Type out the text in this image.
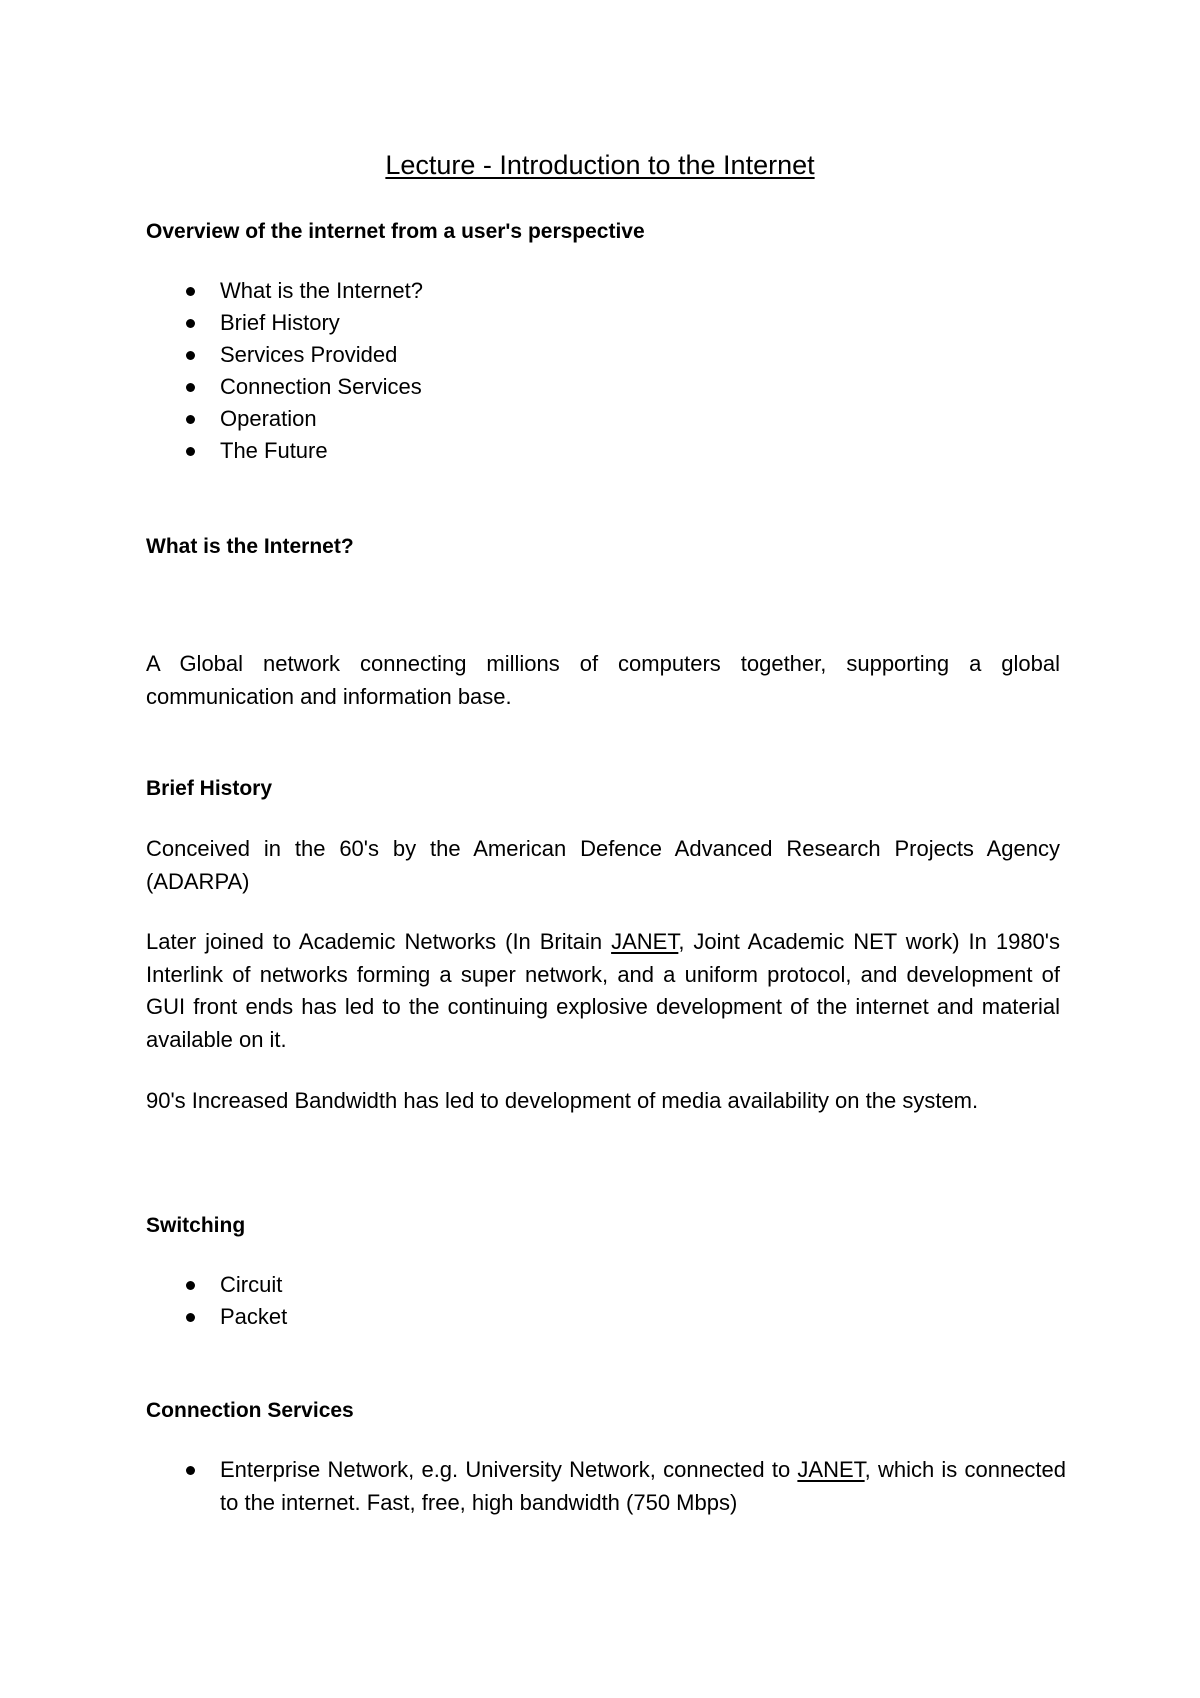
Lecture - Introduction to the Internet
Overview of the internet from a user's perspective
What is the Internet?
Brief History
Services Provided
Connection Services
Operation
The Future
What is the Internet?

A Global network connecting millions of computers together, supporting a global communication and information base.

Brief History

Conceived in the 60's by the American Defence Advanced Research Projects Agency (ADARPA)

Later joined to Academic Networks (In Britain JANET, Joint Academic NET work) In 1980's Interlink of networks forming a super network, and a uniform protocol, and development of GUI front ends has led to the continuing explosive development of the internet and material available on it.

90's Increased Bandwidth has led to development of media availability on the system.

Switching
Circuit
Packet
Connection Services
Enterprise Network, e.g. University Network, connected to JANET, which is connected to the internet. Fast, free, high bandwidth (750 Mbps)
